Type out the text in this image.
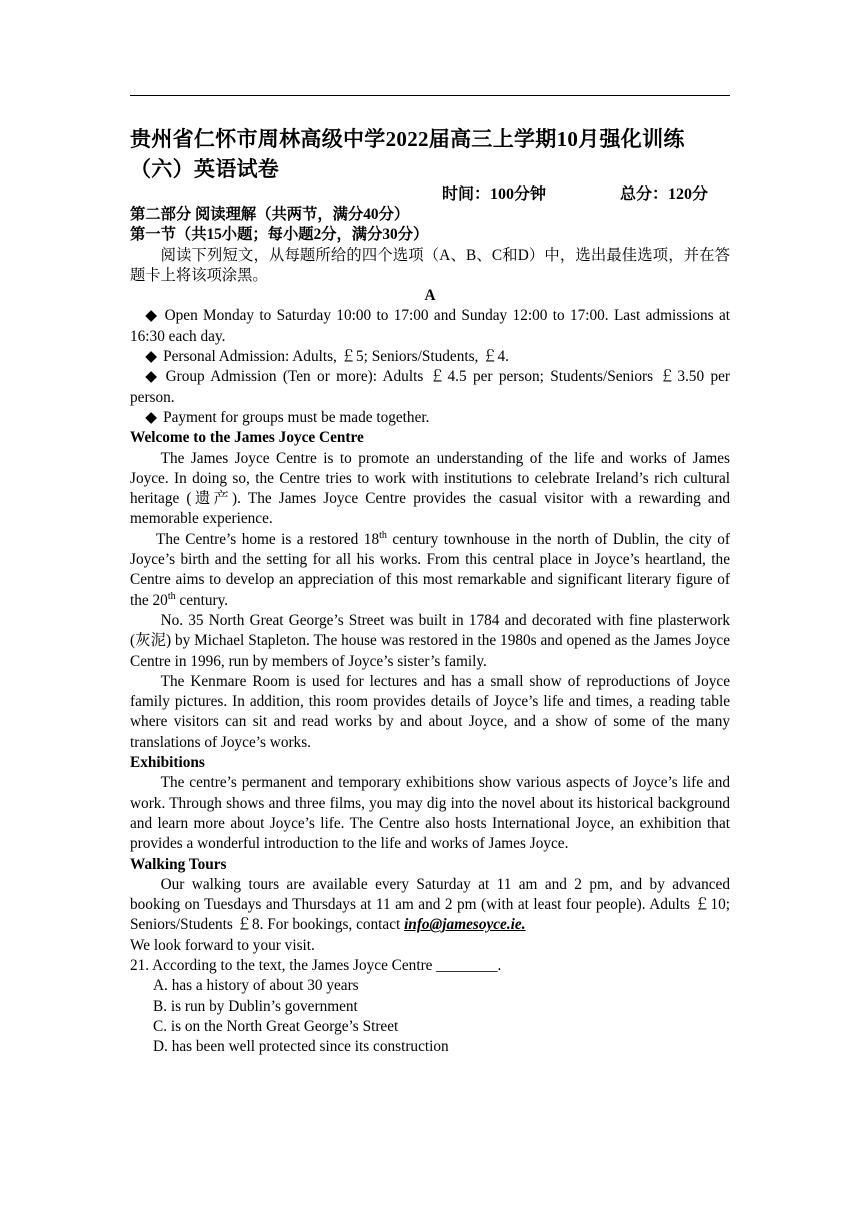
贵州省仁怀市周林高级中学2022届高三上学期10月强化训练（六）英语试卷
时间：100分钟	总分：120分

第二部分 阅读理解（共两节，满分40分）

第一节（共15小题；每小题2分，满分30分）

阅读下列短文，从每题所给的四个选项（A、B、C和D）中，选出最佳选项，并在答题卡上将该项涂黑。

A

◆ Open Monday to Saturday 10:00 to 17:00 and Sunday 12:00 to 17:00. Last admissions at 16:30 each day.

◆ Personal Admission: Adults, ￡5; Seniors/Students, ￡4.

◆ Group Admission (Ten or more): Adults ￡4.5 per person; Students/Seniors ￡3.50 per person.

◆ Payment for groups must be made together.

Welcome to the James Joyce Centre

The James Joyce Centre is to promote an understanding of the life and works of James Joyce. In doing so, the Centre tries to work with institutions to celebrate Ireland’s rich cultural heritage (遗产). The James Joyce Centre provides the casual visitor with a rewarding and memorable experience.

The Centre’s home is a restored 18th century townhouse in the north of Dublin, the city of Joyce’s birth and the setting for all his works. From this central place in Joyce’s heartland, the Centre aims to develop an appreciation of this most remarkable and significant literary figure of the 20th century.

No. 35 North Great George’s Street was built in 1784 and decorated with fine plasterwork (灰泥) by Michael Stapleton. The house was restored in the 1980s and opened as the James Joyce Centre in 1996, run by members of Joyce’s sister’s family.

The Kenmare Room is used for lectures and has a small show of reproductions of Joyce family pictures. In addition, this room provides details of Joyce’s life and times, a reading table where visitors can sit and read works by and about Joyce, and a show of some of the many translations of Joyce’s works.

Exhibitions

The centre’s permanent and temporary exhibitions show various aspects of Joyce’s life and work. Through shows and three films, you may dig into the novel about its historical background and learn more about Joyce’s life. The Centre also hosts International Joyce, an exhibition that provides a wonderful introduction to the life and works of James Joyce.

Walking Tours

Our walking tours are available every Saturday at 11 am and 2 pm, and by advanced booking on Tuesdays and Thursdays at 11 am and 2 pm (with at least four people). Adults ￡10; Seniors/Students ￡8. For bookings, contact info@jamesoyce.ie.

We look forward to your visit.

21. According to the text, the James Joyce Centre ________.

A. has a history of about 30 years

B. is run by Dublin’s government

C. is on the North Great George’s Street

D. has been well protected since its construction
